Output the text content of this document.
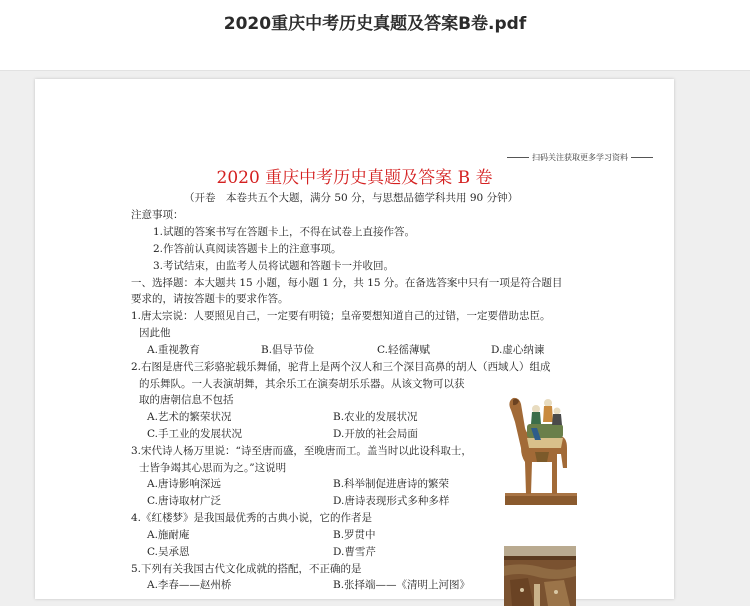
2020重庆中考历史真题及答案B卷.pdf
扫码关注获取更多学习资料
2020 重庆中考历史真题及答案 B 卷
（开卷　本卷共五个大题，满分 50 分，与思想品德学科共用 90 分钟）
注意事项：
1.试题的答案书写在答题卡上，不得在试卷上直接作答。
2.作答前认真阅读答题卡上的注意事项。
3.考试结束，由监考人员将试题和答题卡一并收回。
一、选择题：本大题共 15 小题，每小题 1 分，共 15 分。在备选答案中只有一项是符合题目
要求的，请按答题卡的要求作答。
1.唐太宗说：人要照见自己，一定要有明镜；皇帝要想知道自己的过错，一定要借助忠臣。
因此他
A.重视教育	B.倡导节俭	C.轻徭薄赋	D.虚心纳谏
2.右图是唐代三彩骆驼载乐舞俑，驼背上是两个汉人和三个深目高鼻的胡人（西域人）组成
的乐舞队。一人表演胡舞，其余乐工在演奏胡乐乐器。从该文物可以获
取的唐朝信息不包括
A.艺术的繁荣状况	B.农业的发展状况
C.手工业的发展状况	D.开放的社会局面
3.宋代诗人杨万里说：“诗至唐而盛，至晚唐而工。盖当时以此设科取士，
士皆争竭其心思而为之。”这说明
A.唐诗影响深远	B.科举制促进唐诗的繁荣
C.唐诗取材广泛	D.唐诗表现形式多种多样
4.《红楼梦》是我国最优秀的古典小说，它的作者是
A.施耐庵	B.罗贯中
C.吴承恩	D.曹雪芹
5.下列有关我国古代文化成就的搭配，不正确的是
A.李春——赵州桥	B.张择端——《清明上河图》
